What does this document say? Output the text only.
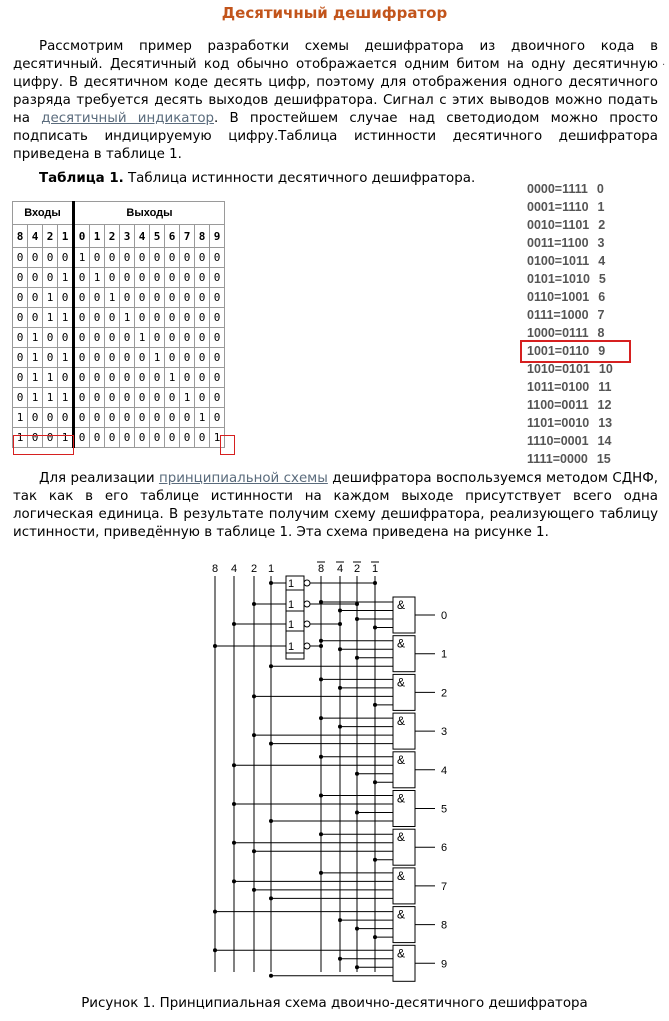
Десятичный дешифратор

Рассмотрим пример разработки схемы дешифратора из двоичного кода в десятичный. Десятичный код обычно отображается одним битом на одну десятичную цифру. В десятичном коде десять цифр, поэтому для отображения одного десятичного разряда требуется десять выходов дешифратора. Сигнал с этих выводов можно подать на десятичный индикатор. В простейшем случае над светодиодом можно просто подписать индицируемую цифру.Таблица истинности десятичного дешифратора приведена в таблице 1.

Таблица 1. Таблица истинности десятичного дешифратора.
Входы				Выходы									
8	4	2	1	0	1	2	3	4	5	6	7	8	9
0	0	0	0	1	0	0	0	0	0	0	0	0	0
0	0	0	1	0	1	0	0	0	0	0	0	0	0
0	0	1	0	0	0	1	0	0	0	0	0	0	0
0	0	1	1	0	0	0	1	0	0	0	0	0	0
0	1	0	0	0	0	0	0	1	0	0	0	0	0
0	1	0	1	0	0	0	0	0	1	0	0	0	0
0	1	1	0	0	0	0	0	0	0	1	0	0	0
0	1	1	1	0	0	0	0	0	0	0	1	0	0
1	0	0	0	0	0	0	0	0	0	0	0	1	0
1	0	0	1	0	0	0	0	0	0	0	0	0	1
0000=1111 0
0001=1110 1
0010=1101 2
0011=1100 3
0100=1011 4
0101=1010 5
0110=1001 6
0111=1000 7
1000=0111 8
1001=0110 9
1010=0101 10
1011=0100 11
1100=0011 12
1101=0010 13
1110=0001 14
1111=0000 15

Для реализации принципиальной схемы дешифратора воспользуемся методом СДНФ, так как в его таблице истинности на каждом выходе присутствует всего одна логическая единица. В результате получим схему дешифратора, реализующего таблицу истинности, приведённую в таблице 1. Эта схема приведена на рисунке 1.

·
8 4 2 1	8 4 2 1
1
1
1
1
&
0
&
1
&
2
&
3
&
4
&
5
&
6
&
7
&
8
&
9
Рисунок 1. Принципиальная схема двоично-десятичного дешифратора
